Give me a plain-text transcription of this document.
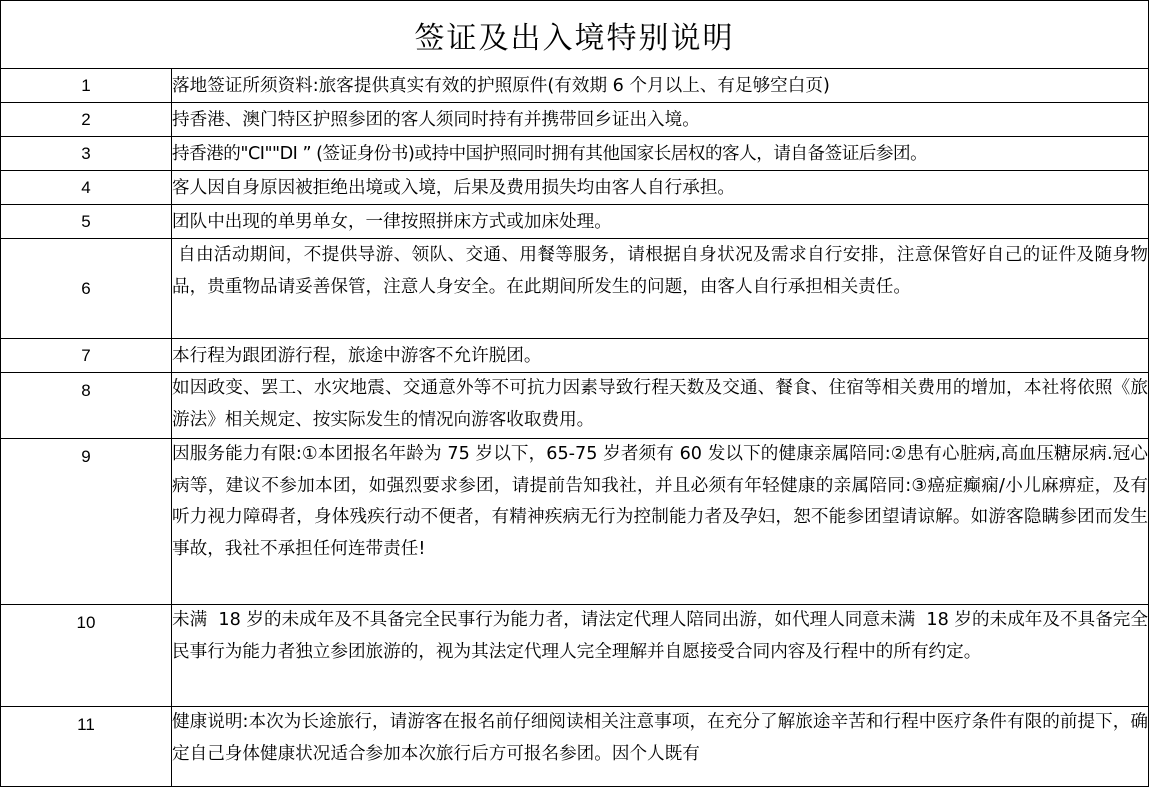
签证及出入境特别说明	
1	落地签证所须资料:旅客提供真实有效的护照原件(有效期 6 个月以上、有足够空白页)
2	持香港、澳门特区护照参团的客人须同时持有并携带回乡证出入境。
3	持香港的"CI""DI ” (签证身份书)或持中国护照同时拥有其他国家长居权的客人，请自备签证后参团。
4	客人因自身原因被拒绝出境或入境，后果及费用损失均由客人自行承担。
5	团队中出现的单男单女，一律按照拼床方式或加床处理。
6	自由活动期间，不提供导游、领队、交通、用餐等服务，请根据自身状况及需求自行安排，注意保管好自己的证件及随身物品，贵重物品请妥善保管，注意人身安全。在此期间所发生的问题，由客人自行承担相关责任。
7	本行程为跟团游行程，旅途中游客不允许脱团。
8	如因政变、罢工、水灾地震、交通意外等不可抗力因素导致行程天数及交通、餐食、住宿等相关费用的增加，本社将依照《旅游法》相关规定、按实际发生的情况向游客收取费用。
9	因服务能力有限:①本团报名年龄为 75 岁以下，65-75 岁者须有 60 发以下的健康亲属陪同:②患有心脏病,高血压糖尿病.冠心病等，建议不参加本团，如强烈要求参团，请提前告知我社，并且必须有年轻健康的亲属陪同:③癌症癫痫/小儿麻痹症，及有听力视力障碍者，身体残疾行动不便者，有精神疾病无行为控制能力者及孕妇，恕不能参团望请谅解。如游客隐瞒参团而发生事故，我社不承担任何连带责任!
10	未满  18 岁的未成年及不具备完全民事行为能力者，请法定代理人陪同出游，如代理人同意未满  18 岁的未成年及不具备完全民事行为能力者独立参团旅游的，视为其法定代理人完全理解并自愿接受合同内容及行程中的所有约定。
11	健康说明:本次为长途旅行，请游客在报名前仔细阅读相关注意事项，在充分了解旅途辛苦和行程中医疗条件有限的前提下，确定自己身体健康状况适合参加本次旅行后方可报名参团。因个人既有
